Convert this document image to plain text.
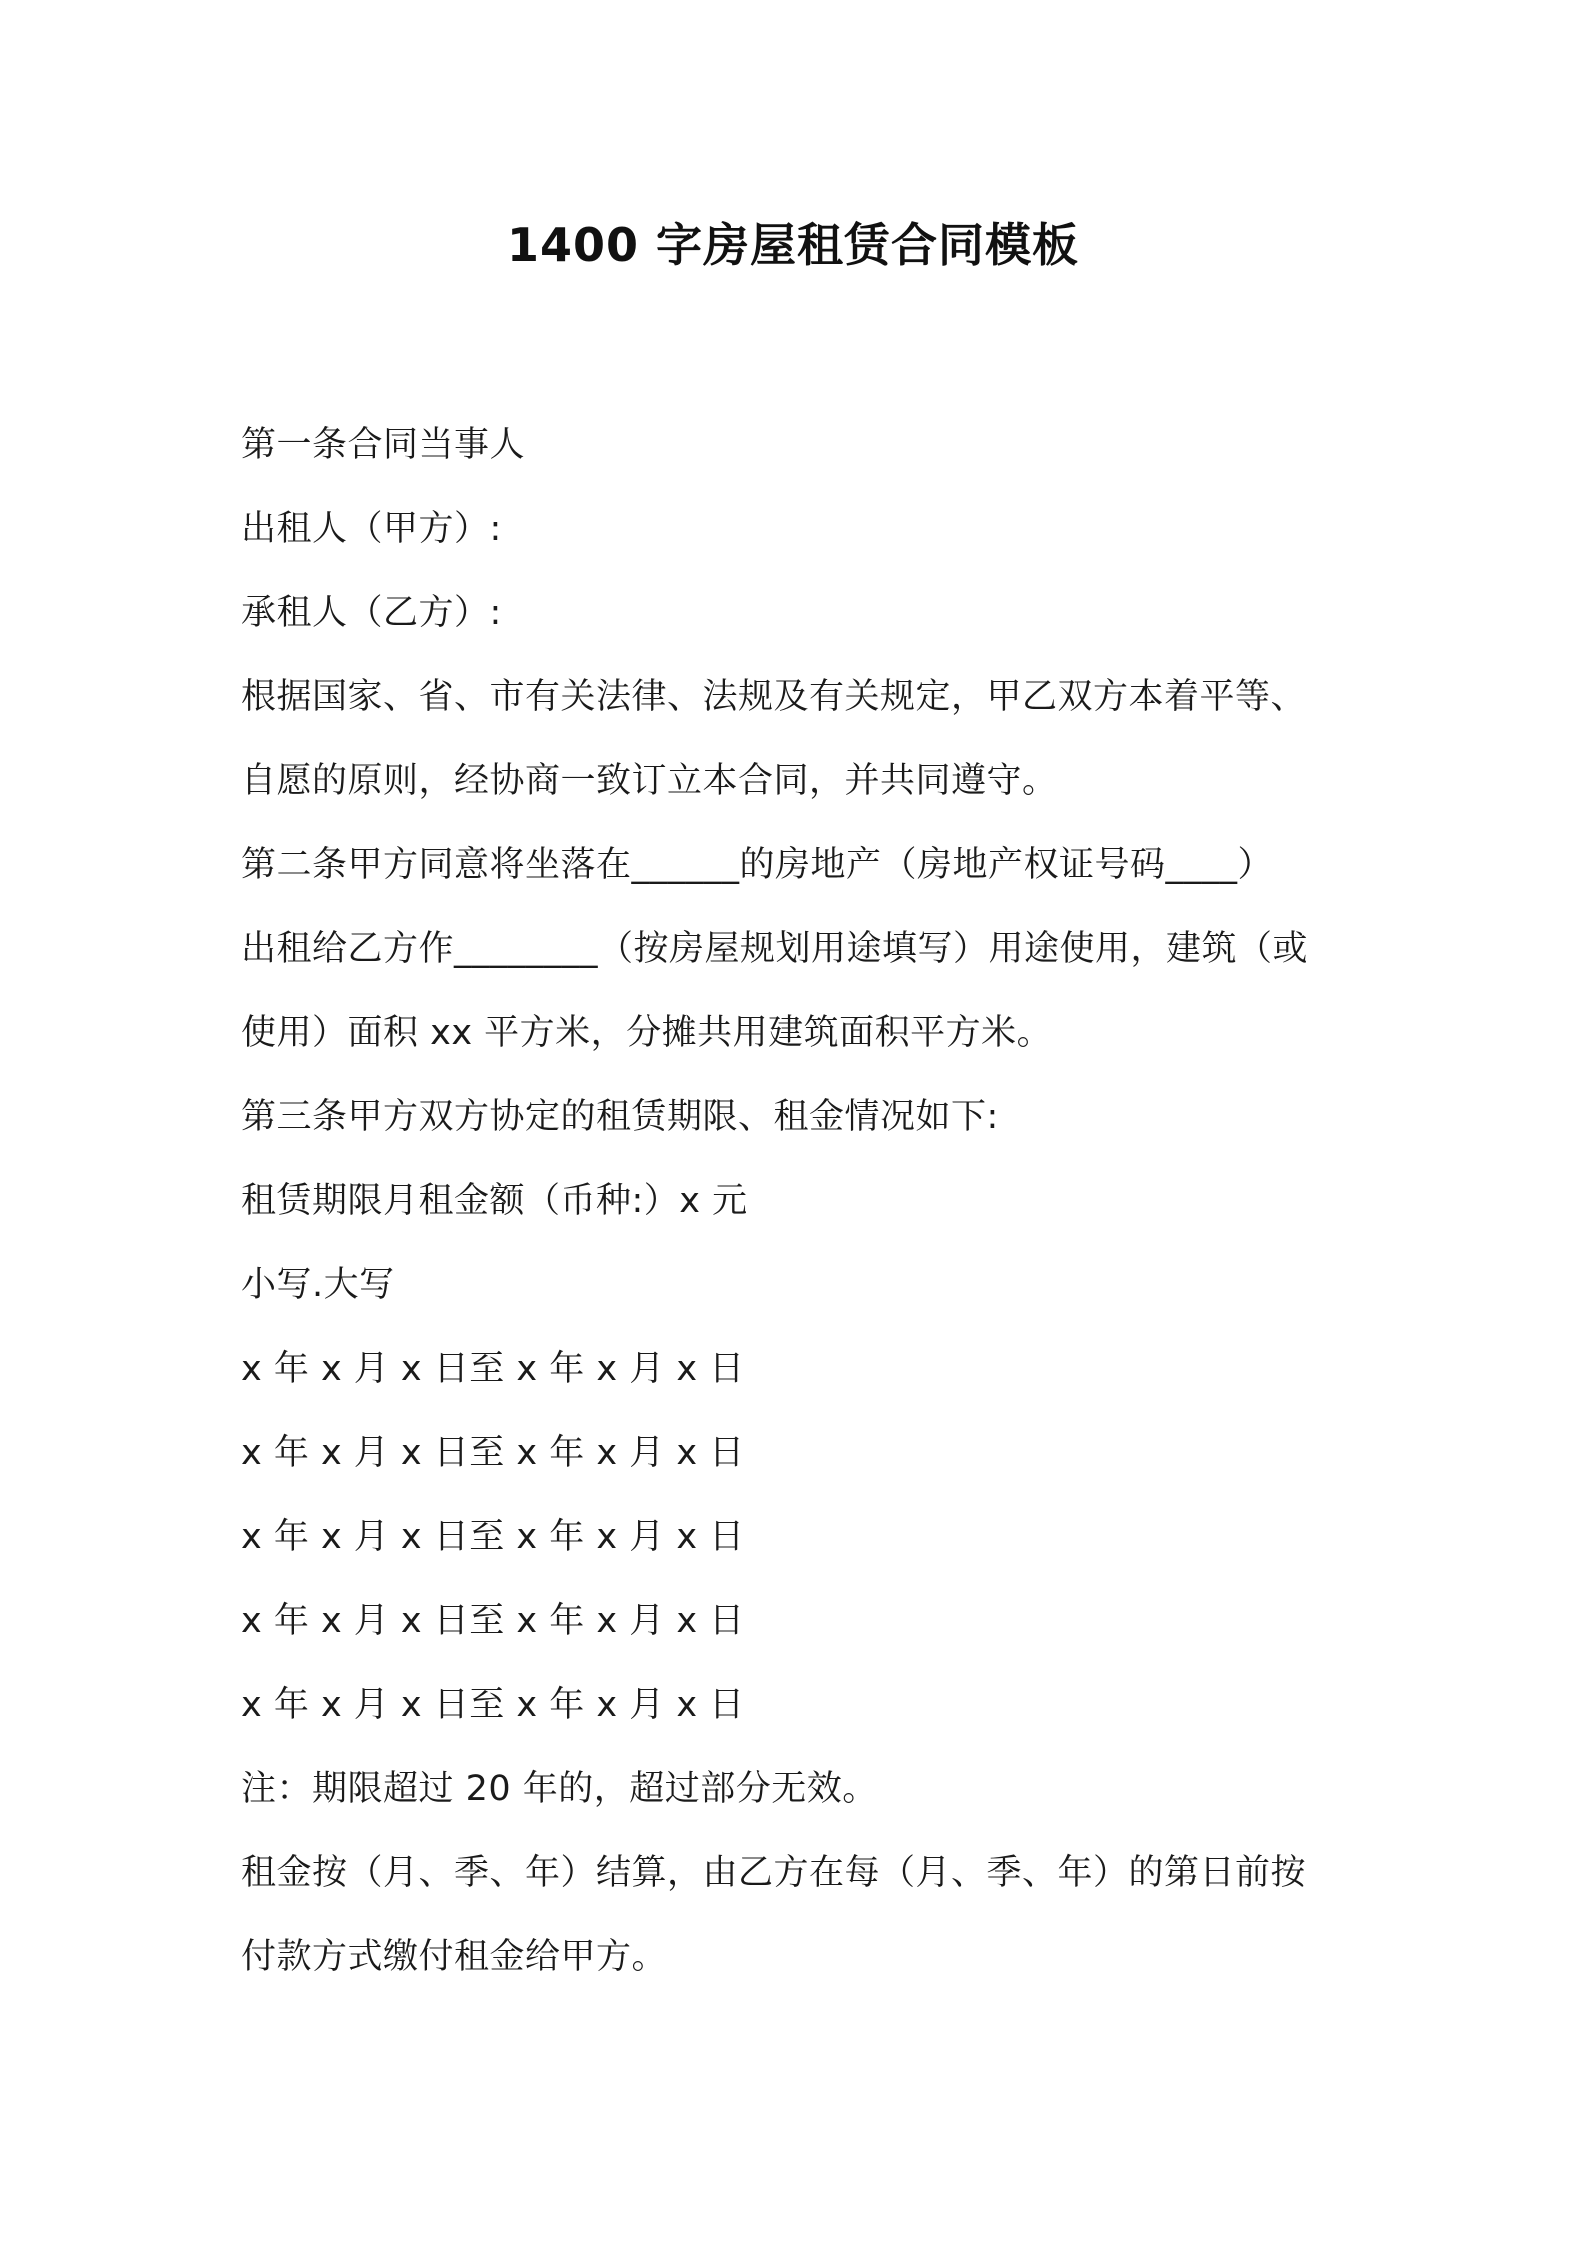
1400 字房屋租赁合同模板
第一条合同当事人
出租人（甲方）:
承租人（乙方）:
根据国家、省、市有关法律、法规及有关规定，甲乙双方本着平等、
自愿的原则，经协商一致订立本合同，并共同遵守。
第二条甲方同意将坐落在______的房地产（房地产权证号码____）
出租给乙方作________（按房屋规划用途填写）用途使用，建筑（或
使用）面积 xx 平方米，分摊共用建筑面积平方米。
第三条甲方双方协定的租赁期限、租金情况如下:
租赁期限月租金额（币种:）x 元
小写.大写
x 年 x 月 x 日至 x 年 x 月 x 日
x 年 x 月 x 日至 x 年 x 月 x 日
x 年 x 月 x 日至 x 年 x 月 x 日
x 年 x 月 x 日至 x 年 x 月 x 日
x 年 x 月 x 日至 x 年 x 月 x 日
注：期限超过 20 年的，超过部分无效。
租金按（月、季、年）结算，由乙方在每（月、季、年）的第日前按
付款方式缴付租金给甲方。
